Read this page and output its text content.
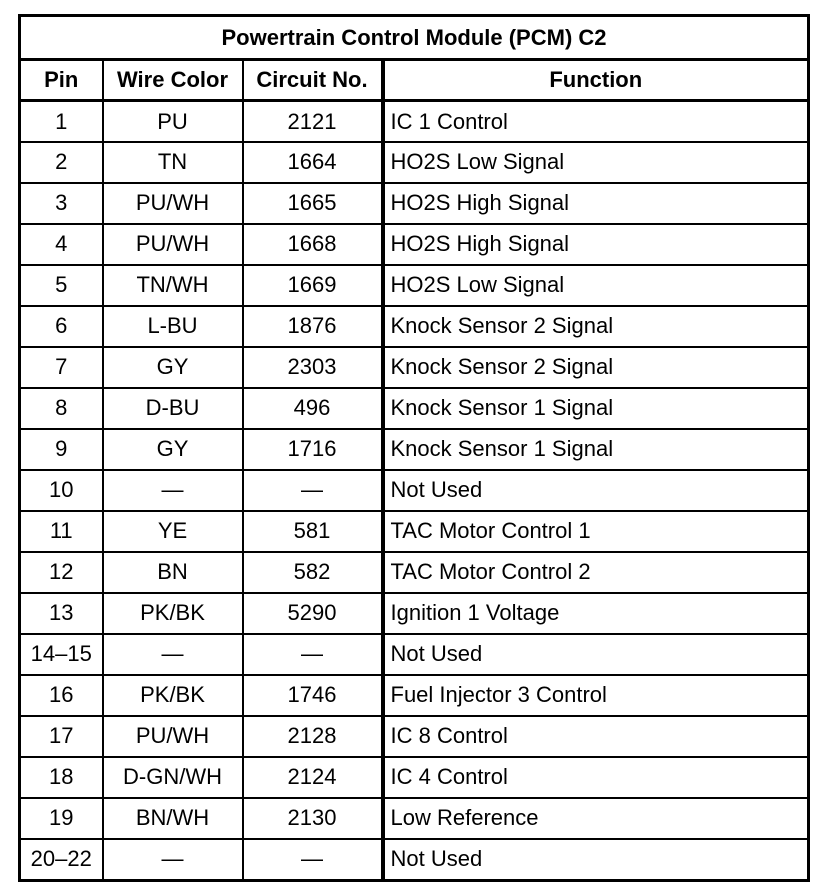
Powertrain Control Module (PCM) C2			
Pin	Wire Color	Circuit No.	Function
1	PU	2121	IC 1 Control
2	TN	1664	HO2S Low Signal
3	PU/WH	1665	HO2S High Signal
4	PU/WH	1668	HO2S High Signal
5	TN/WH	1669	HO2S Low Signal
6	L-BU	1876	Knock Sensor 2 Signal
7	GY	2303	Knock Sensor 2 Signal
8	D-BU	496	Knock Sensor 1 Signal
9	GY	1716	Knock Sensor 1 Signal
10	—	—	Not Used
11	YE	581	TAC Motor Control 1
12	BN	582	TAC Motor Control 2
13	PK/BK	5290	Ignition 1 Voltage
14–15	—	—	Not Used
16	PK/BK	1746	Fuel Injector 3 Control
17	PU/WH	2128	IC 8 Control
18	D-GN/WH	2124	IC 4 Control
19	BN/WH	2130	Low Reference
20–22	—	—	Not Used
